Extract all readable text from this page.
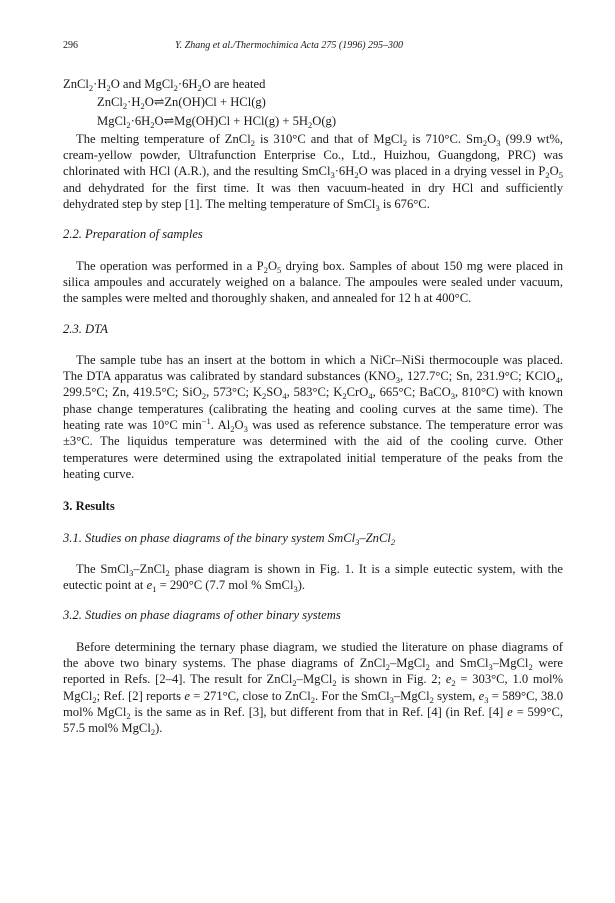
296	Y. Zhang et al./Thermochimica Acta 275 (1996) 295–300

$ZnCl_2\cdot H_2O$ and $MgCl_2\cdot 6H_2O$ are heated

$ZnCl_2\cdot H_2O\rightleftharpoons Zn(OH)Cl + HCl(g)$

$MgCl_2\cdot 6H_2O\rightleftharpoons Mg(OH)Cl + HCl(g) + 5H_2O(g)$

The melting temperature of ZnCl$_2$ is 310°C and that of MgCl$_2$ is 710°C. $Sm_2O_3$ (99.9 wt%, cream-yellow powder, Ultrafunction Enterprise Co., Ltd., Huizhou, Guangdong, PRC) was chlorinated with HCl (A.R.), and the resulting $SmCl_3\cdot 6H_2O$ was placed in a drying vessel in $P_2O_5$ and dehydrated for the first time. It was then vacuum-heated in dry HCl and sufficiently dehydrated step by step [1]. The melting temperature of SmCl$_3$ is 676°C.

2.2. Preparation of samples

The operation was performed in a $P_2O_5$ drying box. Samples of about 150 mg were placed in silica ampoules and accurately weighed on a balance. The ampoules were sealed under vacuum, the samples were melted and thoroughly shaken, and annealed for 12 h at 400°C.

2.3. DTA

The sample tube has an insert at the bottom in which a NiCr–NiSi thermocouple was placed. The DTA apparatus was calibrated by standard substances ($KNO_3$, 127.7°C; Sn, 231.9°C; KClO$_4$, 299.5°C; Zn, 419.5°C; SiO$_2$, 573°C; $K_2SO_4$, 583°C; $K_2CrO_4$, 665°C; BaCO$_3$, 810°C) with known phase change temperatures (calibrating the heating and cooling curves at the same time). The heating rate was 10°C $\min^{-1}$. $Al_2O_3$ was used as reference substance. The temperature error was ±3°C. The liquidus temperature was determined with the aid of the cooling curve. Other temperatures were determined using the extrapolated initial temperature of the peaks from the heating curve.

3. Results

3.1. Studies on phase diagrams of the binary system SmCl$_3$–ZnCl$_2$

The SmCl$_3$–ZnCl$_2$ phase diagram is shown in Fig. 1. It is a simple eutectic system, with the eutectic point at $e_1 = 290^\circ C$ (7.7 mol % SmCl$_3$).

3.2. Studies on phase diagrams of other binary systems

Before determining the ternary phase diagram, we studied the literature on phase diagrams of the above two binary systems. The phase diagrams of ZnCl$_2$–MgCl$_2$ and SmCl$_3$–MgCl$_2$ were reported in Refs. [2–4]. The result for ZnCl$_2$–MgCl$_2$ is shown in Fig. 2; $e_2 = 303^\circ C$, 1.0 mol% MgCl$_2$; Ref. [2] reports e = 271°C, close to ZnCl$_2$. For the SmCl$_3$–MgCl$_2$ system, $e_3 = 589^\circ C$, 38.0 mol% MgCl$_2$ is the same as in Ref. [3], but different from that in Ref. [4] (in Ref. [4] e = 599°C, 57.5 mol% MgCl$_2$).
